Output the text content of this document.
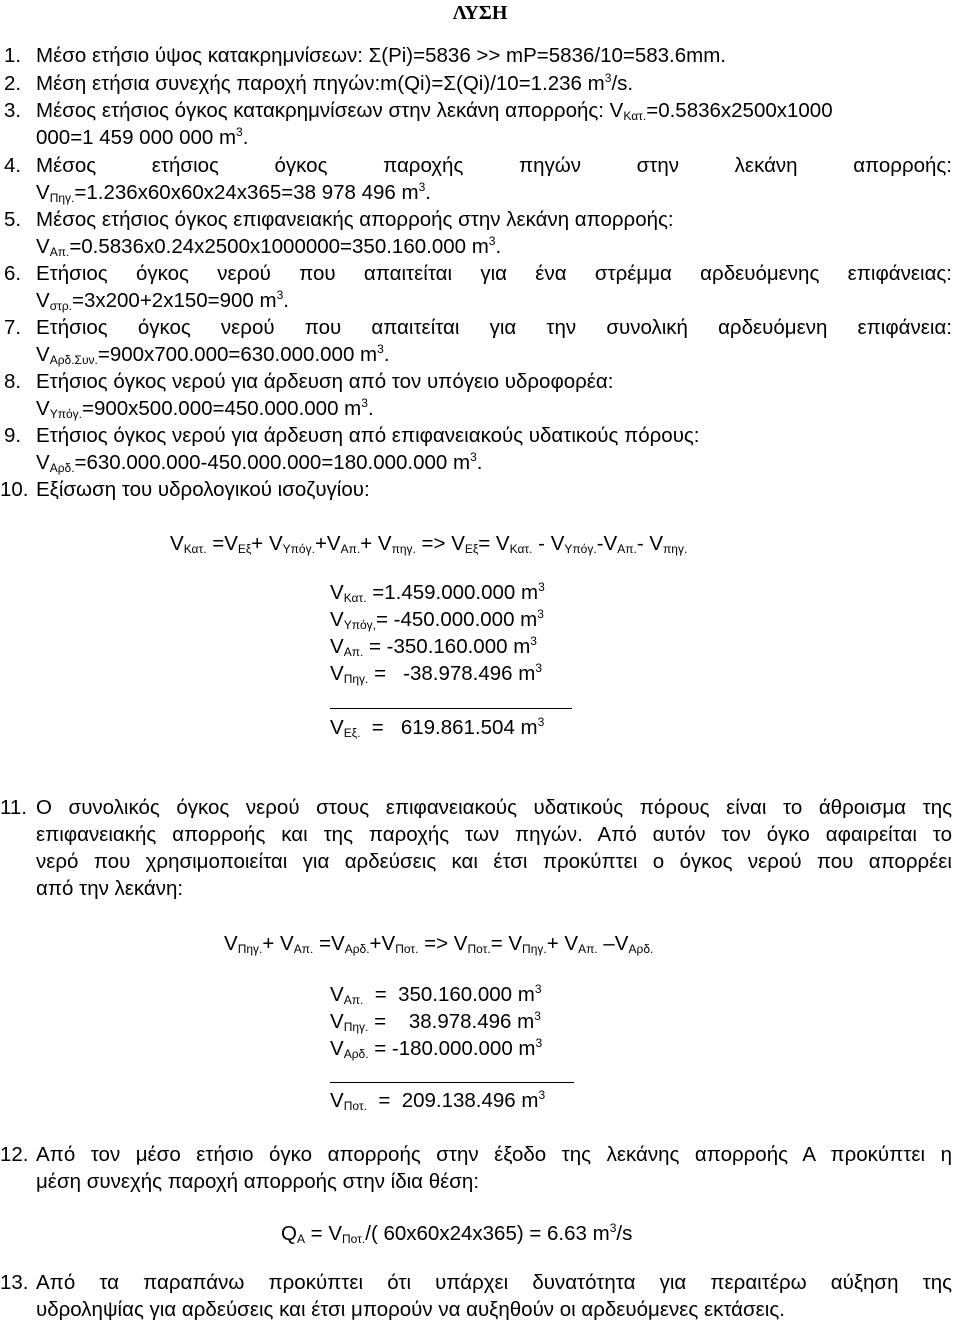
ΛΥΣΗ
1. Μέσο ετήσιο ύψος κατακρημνίσεων: Σ(Pi)=5836 >> mP=5836/10=583.6mm.
2. Μέση ετήσια συνεχής παροχή πηγών:m(Qi)=Σ(Qi)/10=1.236 $m^3/s$.
3. Μέσος ετήσιος όγκος κατακρημνίσεων στην λεκάνη απορροής: $V_{K\alpha\tau.}=0.5836x2500x1000$
000=1 459 000 000 $m^3$.
4. Μέσος ετήσιος όγκος παροχής πηγών στην λεκάνη απορροής:
$V_{\Pi\eta\gamma.}=1.236x60x60x24x365=38$ 978 496 $m^3$.
5. Μέσος ετήσιος όγκος επιφανειακής απορροής στην λεκάνη απορροής:
$V_{A\pi.}=0.5836x0.24x2500x1000000=350.160.000$ $m^3$.
6. Ετήσιος όγκος νερού που απαιτείται για ένα στρέμμα αρδευόμενης επιφάνειας:
$V_{\sigma\tau\rho.}=3x200+2x150=900$ $m^3$.
7. Ετήσιος όγκος νερού που απαιτείται για την συνολική αρδευόμενη επιφάνεια:
$V_{A\rho\delta.\Sigma\upsilon\nu.}=900x700.000=630.000.000$ $m^3$.
8. Ετήσιος όγκος νερού για άρδευση από τον υπόγειο υδροφορέα:
$V_{\Upsilon\pi ό\gamma.}=900x500.000=450.000.000$ $m^3$.
9. Ετήσιος όγκος νερού για άρδευση από επιφανειακούς υδατικούς πόρους:
$V_{A\rho\delta.}=630.000.000-450.000.000=180.000.000$ $m^3$.
10. Εξίσωση του υδρολογικού ισοζυγίου:
$V_{K\alpha\tau.} =V_{E\xi}+ V_{\Upsilon\pi ό\gamma.}+V_{A\pi.}+ V_{\pi\eta\gamma.} => V_{E\xi}= V_{K\alpha\tau.} - V_{\Upsilon\pi ό\gamma.}-V_{A\pi.}-$ $V_{\pi\eta\gamma.}$
$V_{K\alpha\tau.} =1.459.000.000$ $m^3$
$V_{\Upsilon\pi ό\gamma,}= -450.000.000$ $m^3$
$V_{A\pi.} = -350.160.000$ $m^3$
$V_{\Pi\eta\gamma.} = -38.978.496$ $m^3$
$V_{E\xi.} = 619.861.504$ $m^3$
11. Ο συνολικός όγκος νερού στους επιφανειακούς υδατικούς πόρους είναι το άθροισμα της
επιφανειακής απορροής και της παροχής των πηγών. Από αυτόν τον όγκο αφαιρείται το
νερό που χρησιμοποιείται για αρδεύσεις και έτσι προκύπτει ο όγκος νερού που απορρέει
από την λεκάνη:
$V_{\Pi\eta\gamma.}+ V_{A\pi.} =V_{A\rho\delta.}+V_{\Pi o\tau.} => V_{\Pi o\tau.}= V_{\Pi\eta\gamma.}+ V_{A\pi.}$ $-V_{A\rho\delta.}$
$V_{A\pi.} = 350.160.000$ $m^3$
$V_{\Pi\eta\gamma.}$ =    38.978.496 $m^3$
$V_{A\rho\delta.} = -180.000.000$ $m^3$
$V_{\Pi o\tau.} = 209.138.496$ $m^3$
12. Από τον μέσο ετήσιο όγκο απορροής στην έξοδο της λεκάνης απορροής Α προκύπτει η
μέση συνεχής παροχή απορροής στην ίδια θέση:
$Q_A = V_{\Pi o\tau.}/$( 60x60x24x365) = 6.63 $m^3/s$
13. Από τα παραπάνω προκύπτει ότι υπάρχει δυνατότητα για περαιτέρω αύξηση της
υδροληψίας για αρδεύσεις και έτσι μπορούν να αυξηθούν οι αρδευόμενες εκτάσεις.
